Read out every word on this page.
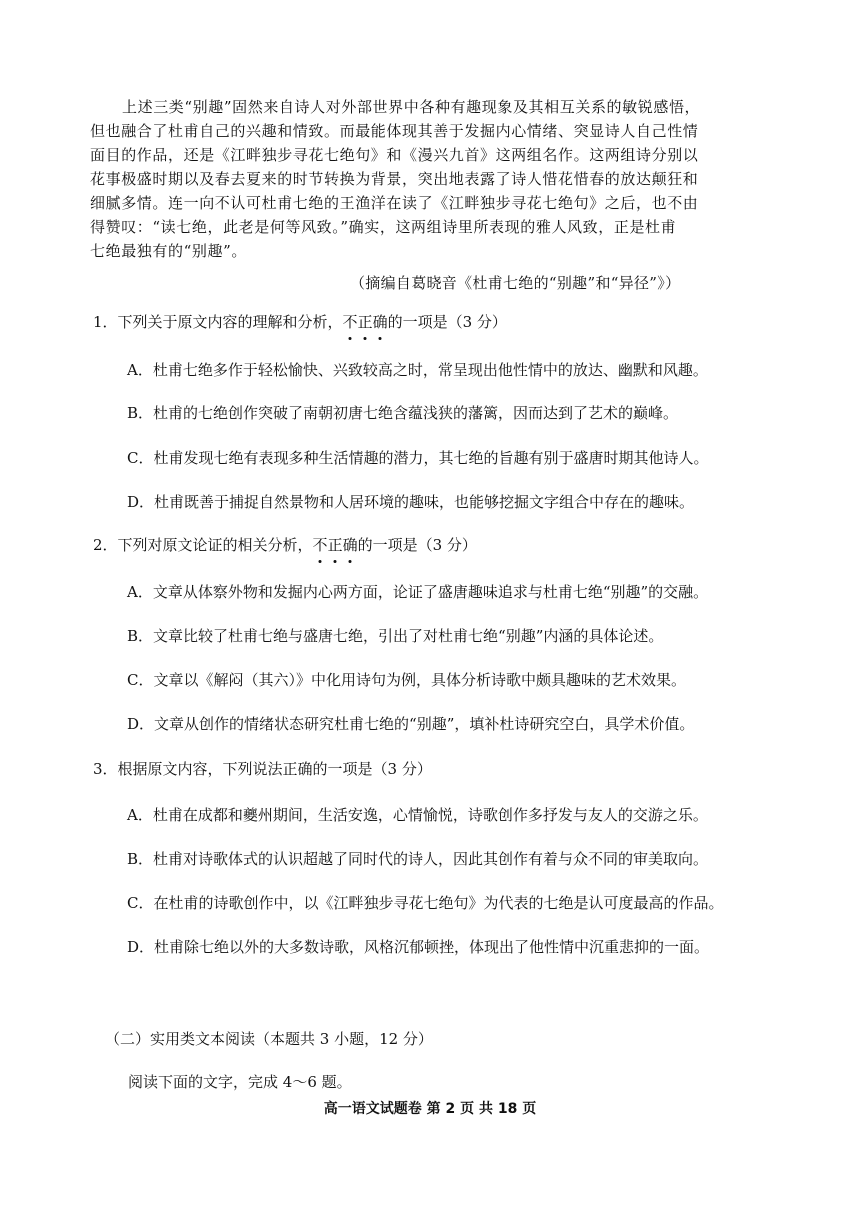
上述三类“别趣”固然来自诗人对外部世界中各种有趣现象及其相互关系的敏锐感悟，
但也融合了杜甫自己的兴趣和情致。而最能体现其善于发掘内心情绪、突显诗人自己性情
面目的作品，还是《江畔独步寻花七绝句》和《漫兴九首》这两组名作。这两组诗分别以
花事极盛时期以及春去夏来的时节转换为背景，突出地表露了诗人惜花惜春的放达颠狂和
细腻多情。连一向不认可杜甫七绝的王渔洋在读了《江畔独步寻花七绝句》之后，也不由
得赞叹：“读七绝，此老是何等风致。”确实，这两组诗里所表现的雅人风致，正是杜甫
七绝最独有的“别趣”。
（摘编自葛晓音《杜甫七绝的“别趣”和“异径”》）
1．下列关于原文内容的理解和分析，不正确的一项是（3 分）
A．杜甫七绝多作于轻松愉快、兴致较高之时，常呈现出他性情中的放达、幽默和风趣。
B．杜甫的七绝创作突破了南朝初唐七绝含蕴浅狭的藩篱，因而达到了艺术的巅峰。
C．杜甫发现七绝有表现多种生活情趣的潜力，其七绝的旨趣有别于盛唐时期其他诗人。
D．杜甫既善于捕捉自然景物和人居环境的趣味，也能够挖掘文字组合中存在的趣味。
2．下列对原文论证的相关分析，不正确的一项是（3 分）
A．文章从体察外物和发掘内心两方面，论证了盛唐趣味追求与杜甫七绝“别趣”的交融。
B．文章比较了杜甫七绝与盛唐七绝，引出了对杜甫七绝“别趣”内涵的具体论述。
C．文章以《解闷（其六）》中化用诗句为例，具体分析诗歌中颇具趣味的艺术效果。
D．文章从创作的情绪状态研究杜甫七绝的“别趣”，填补杜诗研究空白，具学术价值。
3．根据原文内容，下列说法正确的一项是（3 分）
A．杜甫在成都和夔州期间，生活安逸，心情愉悦，诗歌创作多抒发与友人的交游之乐。
B．杜甫对诗歌体式的认识超越了同时代的诗人，因此其创作有着与众不同的审美取向。
C．在杜甫的诗歌创作中，以《江畔独步寻花七绝句》为代表的七绝是认可度最高的作品。
D．杜甫除七绝以外的大多数诗歌，风格沉郁顿挫，体现出了他性情中沉重悲抑的一面。
（二）实用类文本阅读（本题共 3 小题，12 分）
阅读下面的文字，完成 4～6 题。
高一语文试题卷 第 2 页 共 18 页
